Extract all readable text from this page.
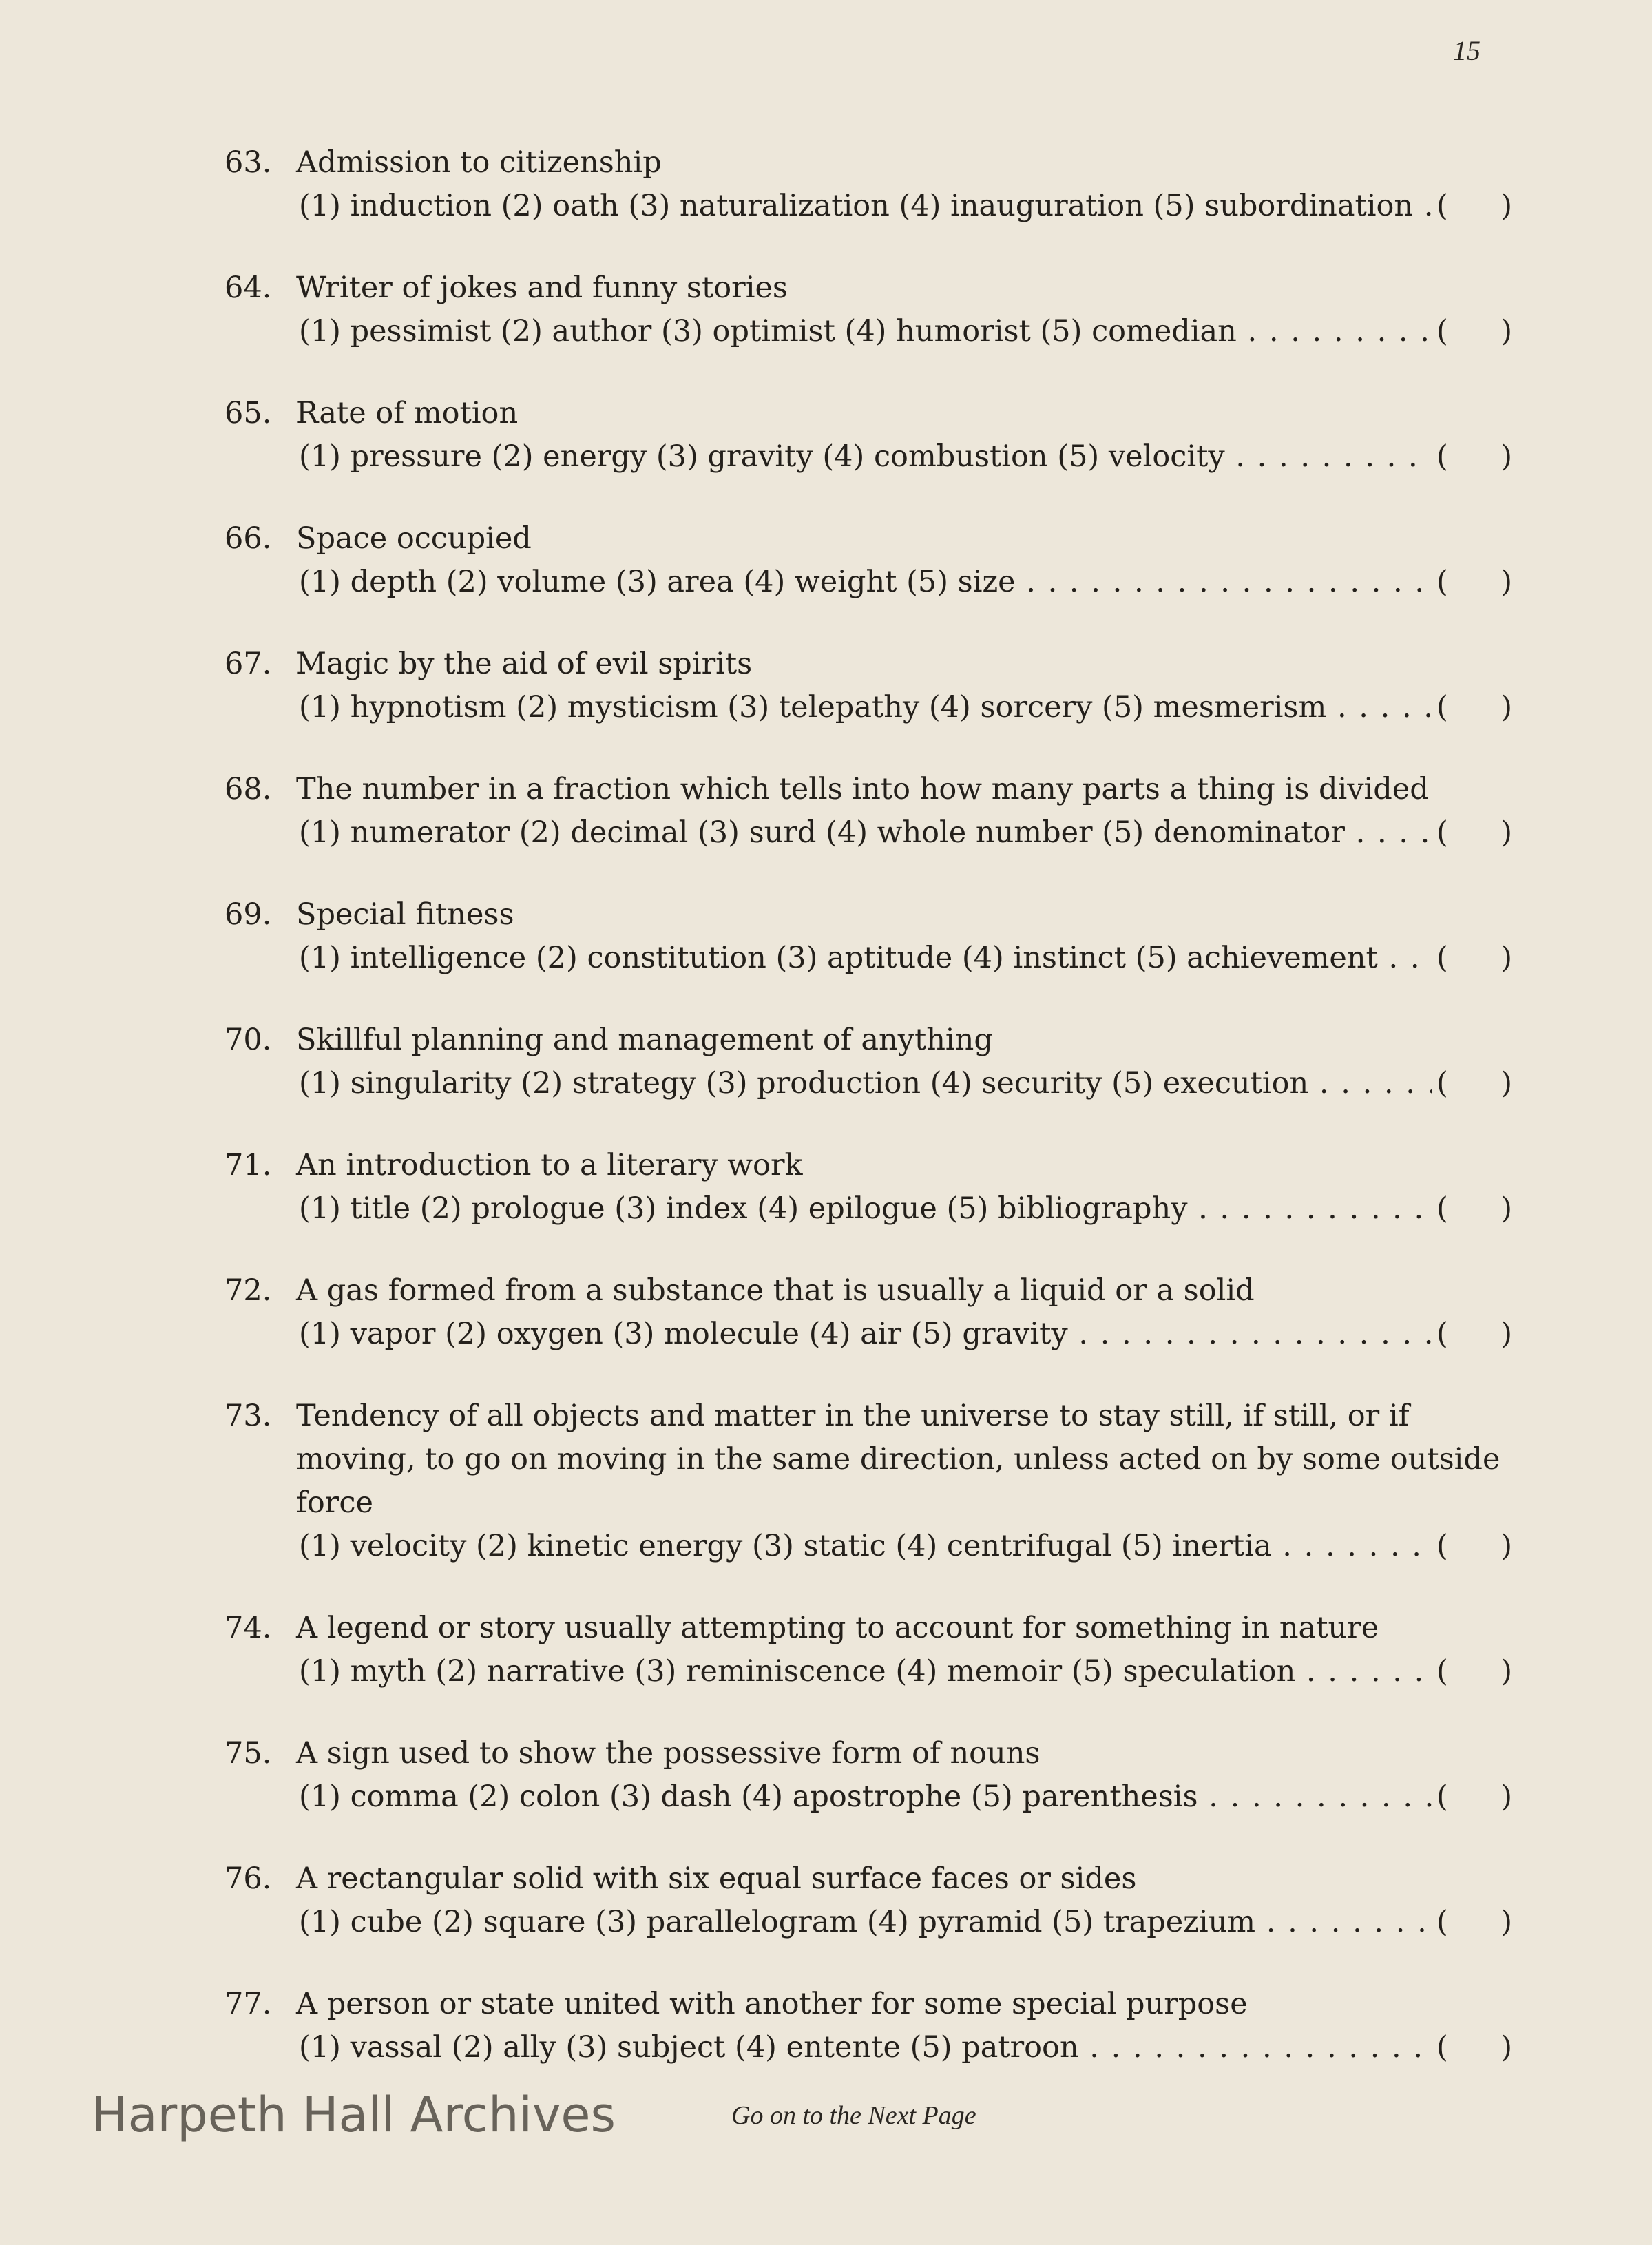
15
63. Admission to citizenship
(1) induction (2) oath (3) naturalization (4) inauguration (5) subordination . . . ( )
64. Writer of jokes and funny stories
(1) pessimist (2) author (3) optimist (4) humorist (5) comedian . . .	( )
65. Rate of motion
(1) pressure (2) energy (3) gravity (4) combustion (5) velocity . . .	( )
66. Space occupied
(1) depth (2) volume (3) area (4) weight (5) size . . .	( )
67. Magic by the aid of evil spirits
(1) hypnotism (2) mysticism (3) telepathy (4) sorcery (5) mesmerism . . .	( )
68. The number in a fraction which tells into how many parts a thing is divided
(1) numerator (2) decimal (3) surd (4) whole number (5) denominator . . .	( )
69. Special fitness
(1) intelligence (2) constitution (3) aptitude (4) instinct (5) achievement . . .	( )
70. Skillful planning and management of anything
(1) singularity (2) strategy (3) production (4) security (5) execution . . .	( )
71. An introduction to a literary work
(1) title (2) prologue (3) index (4) epilogue (5) bibliography . . .	( )
72. A gas formed from a substance that is usually a liquid or a solid
(1) vapor (2) oxygen (3) molecule (4) air (5) gravity . . .	( )
73. Tendency of all objects and matter in the universe to stay still, if still, or if moving, to go on moving in the same direction, unless acted on by some outside force
(1) velocity (2) kinetic energy (3) static (4) centrifugal (5) inertia . . .	( )
74. A legend or story usually attempting to account for something in nature
(1) myth (2) narrative (3) reminiscence (4) memoir (5) speculation . . .	( )
75. A sign used to show the possessive form of nouns
(1) comma (2) colon (3) dash (4) apostrophe (5) parenthesis . . .	( )
76. A rectangular solid with six equal surface faces or sides
(1) cube (2) square (3) parallelogram (4) pyramid (5) trapezium . . .	( )
77. A person or state united with another for some special purpose
(1) vassal (2) ally (3) subject (4) entente (5) patroon . . .	( )
Harpeth Hall Archives	Go on to the Next Page
